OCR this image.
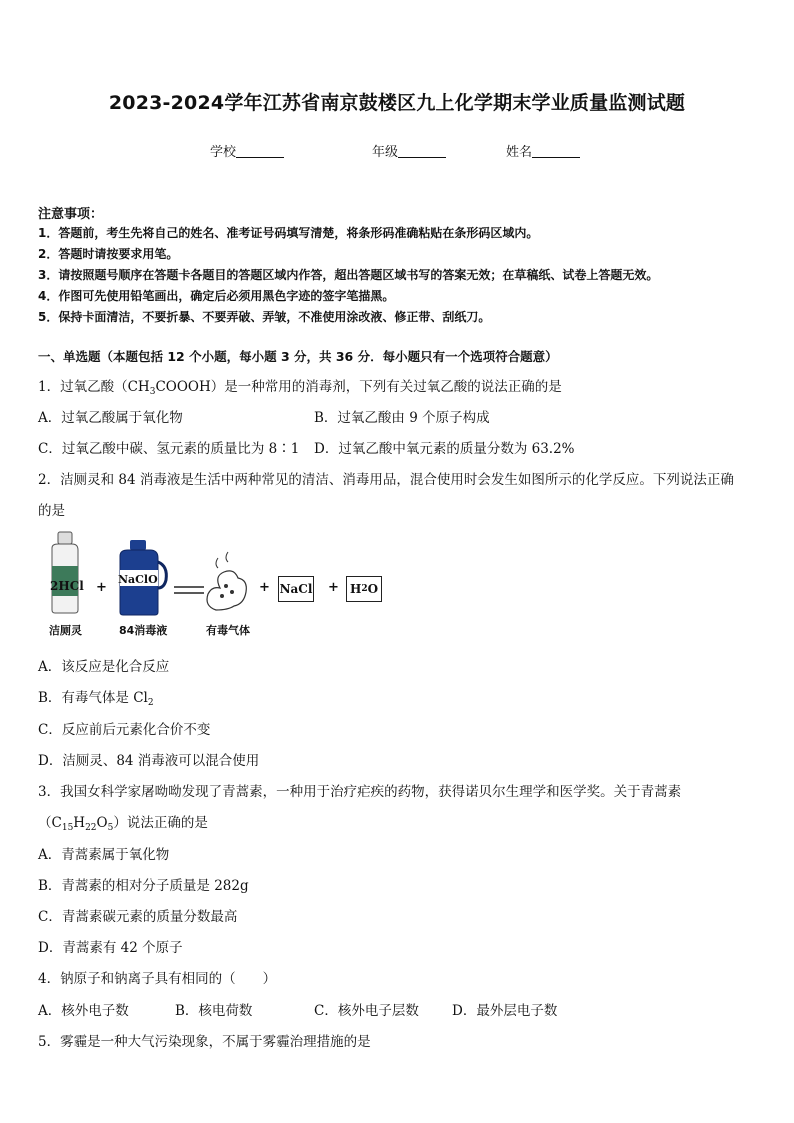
2023-2024学年江苏省南京鼓楼区九上化学期末学业质量监测试题
学校	年级	姓名
注意事项：
1．答题前，考生先将自己的姓名、准考证号码填写清楚，将条形码准确粘贴在条形码区域内。
2．答题时请按要求用笔。
3．请按照题号顺序在答题卡各题目的答题区域内作答，超出答题区域书写的答案无效；在草稿纸、试卷上答题无效。
4．作图可先使用铅笔画出，确定后必须用黑色字迹的签字笔描黑。
5．保持卡面清洁，不要折暴、不要弄破、弄皱，不准使用涂改液、修正带、刮纸刀。
一、单选题（本题包括 12 个小题，每小题 3 分，共 36 分．每小题只有一个选项符合题意）
1．过氧乙酸$(CH_3COOOH)$是一种常用的消毒剂，下列有关过氧乙酸的说法正确的是
A．过氧乙酸属于氧化物	B．过氧乙酸由 9 个原子构成
C．过氧乙酸中碳、氢元素的质量比为 8∶1 D．过氧乙酸中氧元素的质量分数为 63.2%
2．洁厕灵和 84 消毒液是生活中两种常见的清洁、消毒用品，混合使用时会发生如图所示的化学反应。下列说法正确
的是
2HCl
洁厕灵
+
NaClO
84消毒液	有毒气体
+ NaCl + H 2 O
A．该反应是化合反应
B．有毒气体是 $Cl_2$
C．反应前后元素化合价不变
D．洁厕灵、84 消毒液可以混合使用
3．我国女科学家屠呦呦发现了青蒿素，一种用于治疗疟疾的药物，获得诺贝尔生理学和医学奖。关于青蒿素
$(C_{15}H_{22}O_5)$说法正确的是
A．青蒿素属于氧化物
B．青蒿素的相对分子质量是 282g
C．青蒿素碳元素的质量分数最高
D．青蒿素有 42 个原子
4．钠原子和钠离子具有相同的（　　）
A．核外电子数	B．核电荷数	C．核外电子层数 D．最外层电子数
5．雾霾是一种大气污染现象，不属于雾霾治理措施的是
